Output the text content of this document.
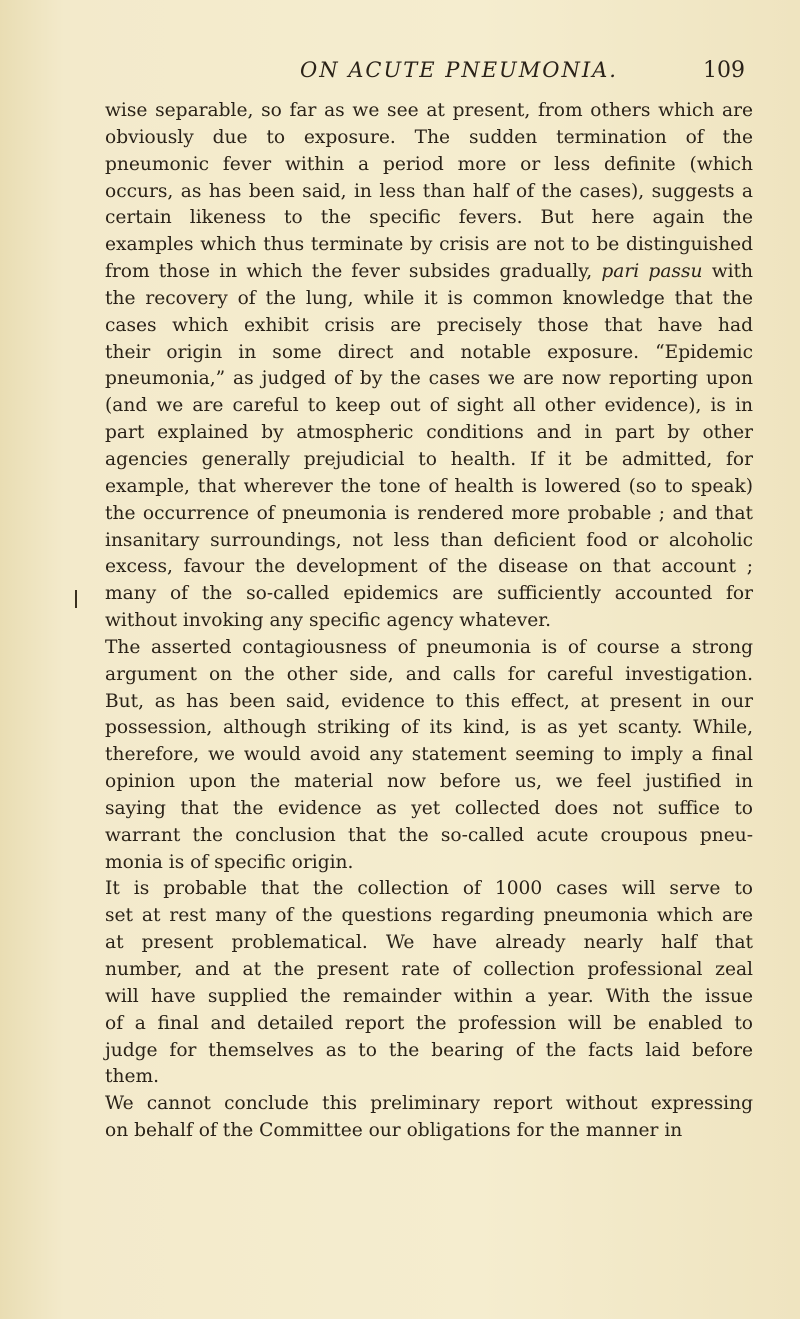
ON ACUTE PNEUMONIA.	109

wise separable, so far as we see at present, from others which are

obviously due to exposure. The sudden termination of the

pneumonic fever within a period more or less definite (which

occurs, as has been said, in less than half of the cases), suggests a

certain likeness to the specific fevers. But here again the

examples which thus terminate by crisis are not to be distinguished

from those in which the fever subsides gradually, pari passu with

the recovery of the lung, while it is common knowledge that the

cases which exhibit crisis are precisely those that have had

their origin in some direct and notable exposure. “Epidemic

pneumonia,” as judged of by the cases we are now reporting upon

(and we are careful to keep out of sight all other evidence), is in

part explained by atmospheric conditions and in part by other

agencies generally prejudicial to health. If it be admitted, for

example, that wherever the tone of health is lowered (so to speak)

the occurrence of pneumonia is rendered more probable ; and that

insanitary surroundings, not less than deficient food or alcoholic

excess, favour the development of the disease on that account ;

many of the so-called epidemics are sufficiently accounted for

without invoking any specific agency whatever.

The asserted contagiousness of pneumonia is of course a strong

argument on the other side, and calls for careful investigation.

But, as has been said, evidence to this effect, at present in our

possession, although striking of its kind, is as yet scanty. While,

therefore, we would avoid any statement seeming to imply a final

opinion upon the material now before us, we feel justified in

saying that the evidence as yet collected does not suffice to

warrant the conclusion that the so-called acute croupous pneu-

monia is of specific origin.

It is probable that the collection of 1000 cases will serve to

set at rest many of the questions regarding pneumonia which are

at present problematical. We have already nearly half that

number, and at the present rate of collection professional zeal

will have supplied the remainder within a year. With the issue

of a final and detailed report the profession will be enabled to

judge for themselves as to the bearing of the facts laid before

them.

We cannot conclude this preliminary report without expressing

on behalf of the Committee our obligations for the manner in
